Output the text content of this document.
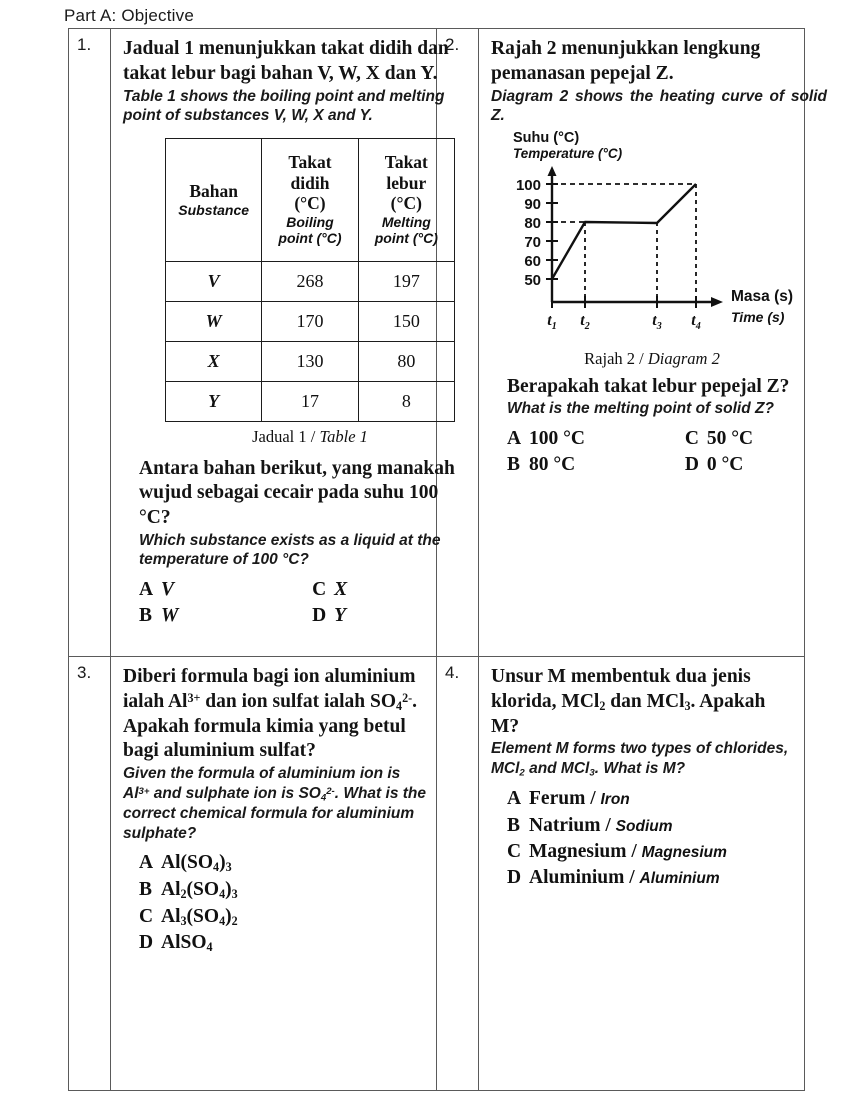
Part A: Objective
1.	Jadual 1 menunjukkan takat didih dan takat lebur bagi bahan V, W, X dan Y.
Table 1 shows the boiling point and melting point of substances V, W, X and Y.
Bahan
Substance

Takat
didih
(°C)
Boiling
point (°C)

Takat
lebur
(°C)
Melting
point (°C)

V	268	197
W	170	150
X	130	80
Y	17	8
Jadual 1 / Table 1
Antara bahan berikut, yang manakah wujud sebagai cecair pada suhu 100 °C?
Which substance exists as a liquid at the temperature of 100 °C?
A V	C X
B W	D Y
2.	Rajah 2 menunjukkan lengkung pemanasan pepejal Z.
Diagram 2 shows the heating curve of solid Z.
Suhu (°C)
Temperature (°C)
100
90
80
70
60
50
$t_1$ $t_2$	$t_3$ $t_4$
Masa (s)
Time (s)
Rajah 2 / Diagram 2
Berapakah takat lebur pepejal Z?
What is the melting point of solid Z?
A 100 °C	C 50 °C
B 80 °C	D 0 °C
3.	Diberi formula bagi ion aluminium ialah $Al^{3+}$ dan ion sulfat ialah $SO_4^{2-}$. Apakah formula kimia yang betul bagi aluminium sulfat?
Given the formula of aluminium ion is $Al^{3+}$ and sulphate ion is $SO_4^{2-}$. What is the correct chemical formula for aluminium sulphate?
A $Al(SO_4)_3$
B $Al_2(SO_4)_3$
C $Al_3(SO_4)_2$
D AlSO$_4$
4.	Unsur M membentuk dua jenis klorida, MCl$_2$ dan MCl$_3$. Apakah M?
Element M forms two types of chlorides, MCl$_2$ and MCl$_3$. What is M?
A Ferum / Iron
B Natrium / Sodium
C Magnesium / Magnesium
D Aluminium / Aluminium
